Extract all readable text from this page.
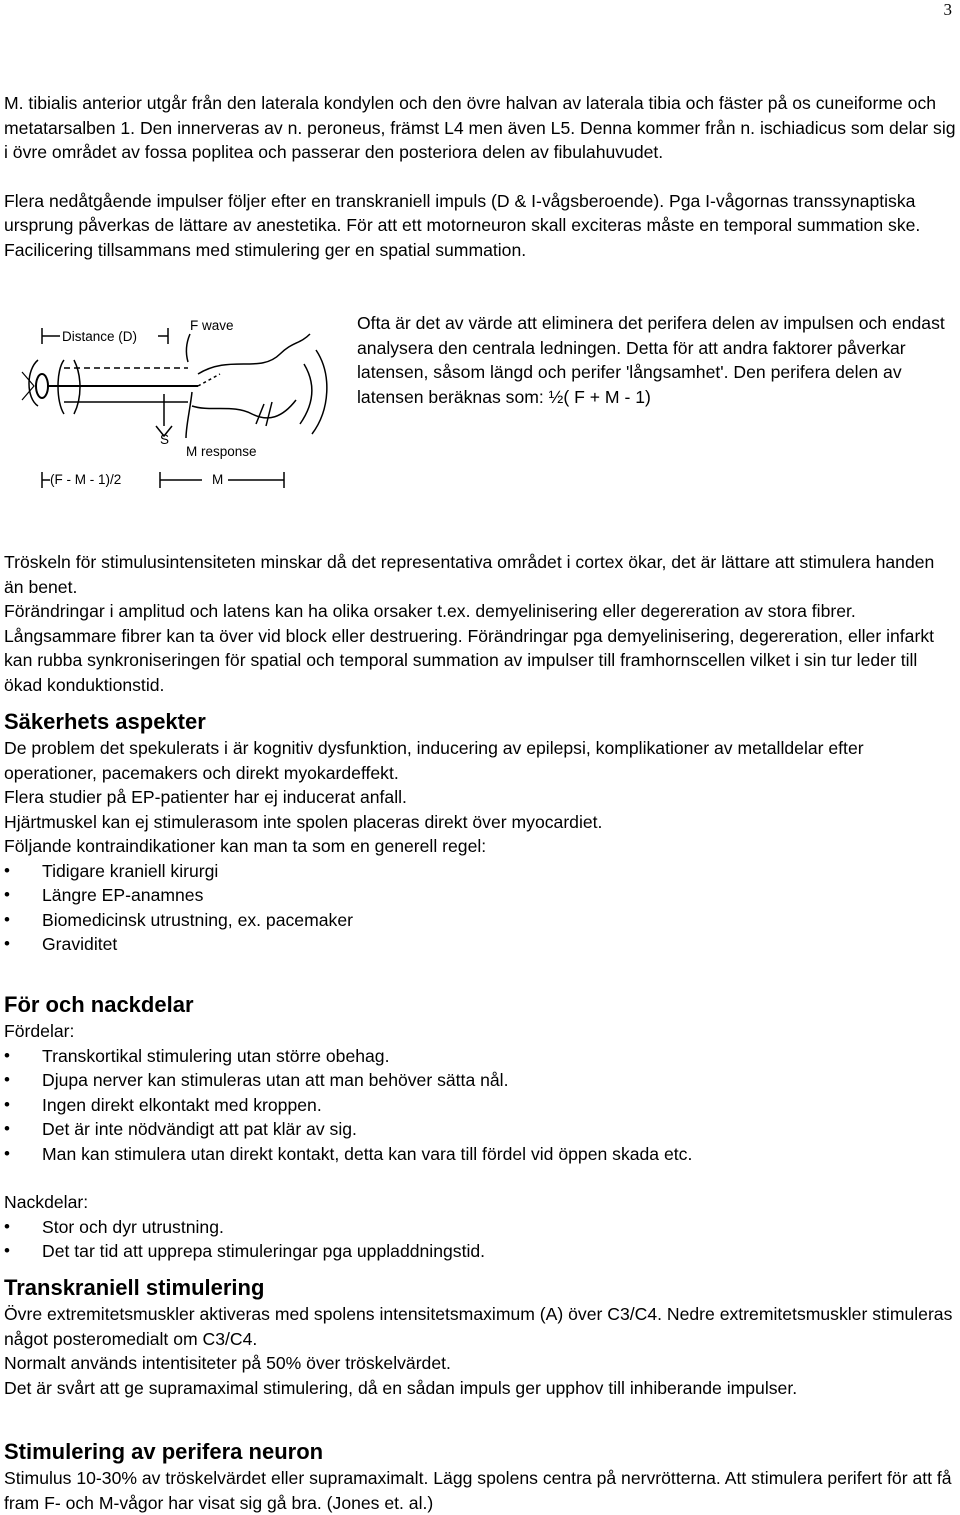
3

M. tibialis anterior utgår från den laterala kondylen och den övre halvan av laterala tibia och fäster på os cuneiforme och metatarsalben 1. Den innerveras av n. peroneus, främst L4 men även L5. Denna kommer från n. ischiadicus som delar sig i övre området av fossa poplitea och passerar den posteriora delen av fibulahuvudet.

Flera nedåtgående impulser följer efter en transkraniell impuls (D & I-vågsberoende). Pga I-vågornas transsynaptiska ursprung påverkas de lättare av anestetika. För att ett motorneuron skall exciteras måste en temporal summation ske. Facilicering tillsammans med stimulering ger en spatial summation.

Distance (D)
F wave
S
M response
(F - M - 1)/2	M

Ofta är det av värde att eliminera det perifera delen av impulsen och endast analysera den centrala ledningen. Detta för att andra faktorer påverkar latensen, såsom längd och perifer 'långsamhet'. Den perifera delen av latensen beräknas som: ½( F + M - 1)

Tröskeln för stimulusintensiteten minskar då det representativa området i cortex ökar, det är lättare att stimulera handen än benet.

Förändringar i amplitud och latens kan ha olika orsaker t.ex. demyelinisering eller degereration av stora fibrer. Långsammare fibrer kan ta över vid block eller destruering. Förändringar pga demyelinisering, degereration, eller infarkt kan rubba synkroniseringen för spatial och temporal summation av impulser till framhornscellen vilket i sin tur leder till ökad konduktionstid.

Säkerhets aspekter

De problem det spekulerats i är kognitiv dysfunktion, inducering av epilepsi, komplikationer av metalldelar efter operationer, pacemakers och direkt myokardeffekt.

Flera studier på EP-patienter har ej inducerat anfall.

Hjärtmuskel kan ej stimulerasom inte spolen placeras direkt över myocardiet.

Följande kontraindikationer kan man ta som en generell regel:

• Tidigare kraniell kirurgi
• Längre EP-anamnes
• Biomedicinsk utrustning, ex. pacemaker
• Graviditet
För och nackdelar

Fördelar:

• Transkortikal stimulering utan större obehag.
• Djupa nerver kan stimuleras utan att man behöver sätta nål.
• Ingen direkt elkontakt med kroppen.
• Det är inte nödvändigt att pat klär av sig.
• Man kan stimulera utan direkt kontakt, detta kan vara till fördel vid öppen skada etc.

Nackdelar:

• Stor och dyr utrustning.
• Det tar tid att upprepa stimuleringar pga uppladdningstid.
Transkraniell stimulering

Övre extremitetsmuskler aktiveras med spolens intensitetsmaximum (A) över C3/C4. Nedre extremitetsmuskler stimuleras något posteromedialt om C3/C4.

Normalt används intentisiteter på 50% över tröskelvärdet.

Det är svårt att ge supramaximal stimulering, då en sådan impuls ger upphov till inhiberande impulser.

Stimulering av perifera neuron

Stimulus 10-30% av tröskelvärdet eller supramaximalt. Lägg spolens centra på nervrötterna. Att stimulera perifert för att få fram F- och M-vågor har visat sig gå bra. (Jones et. al.)
